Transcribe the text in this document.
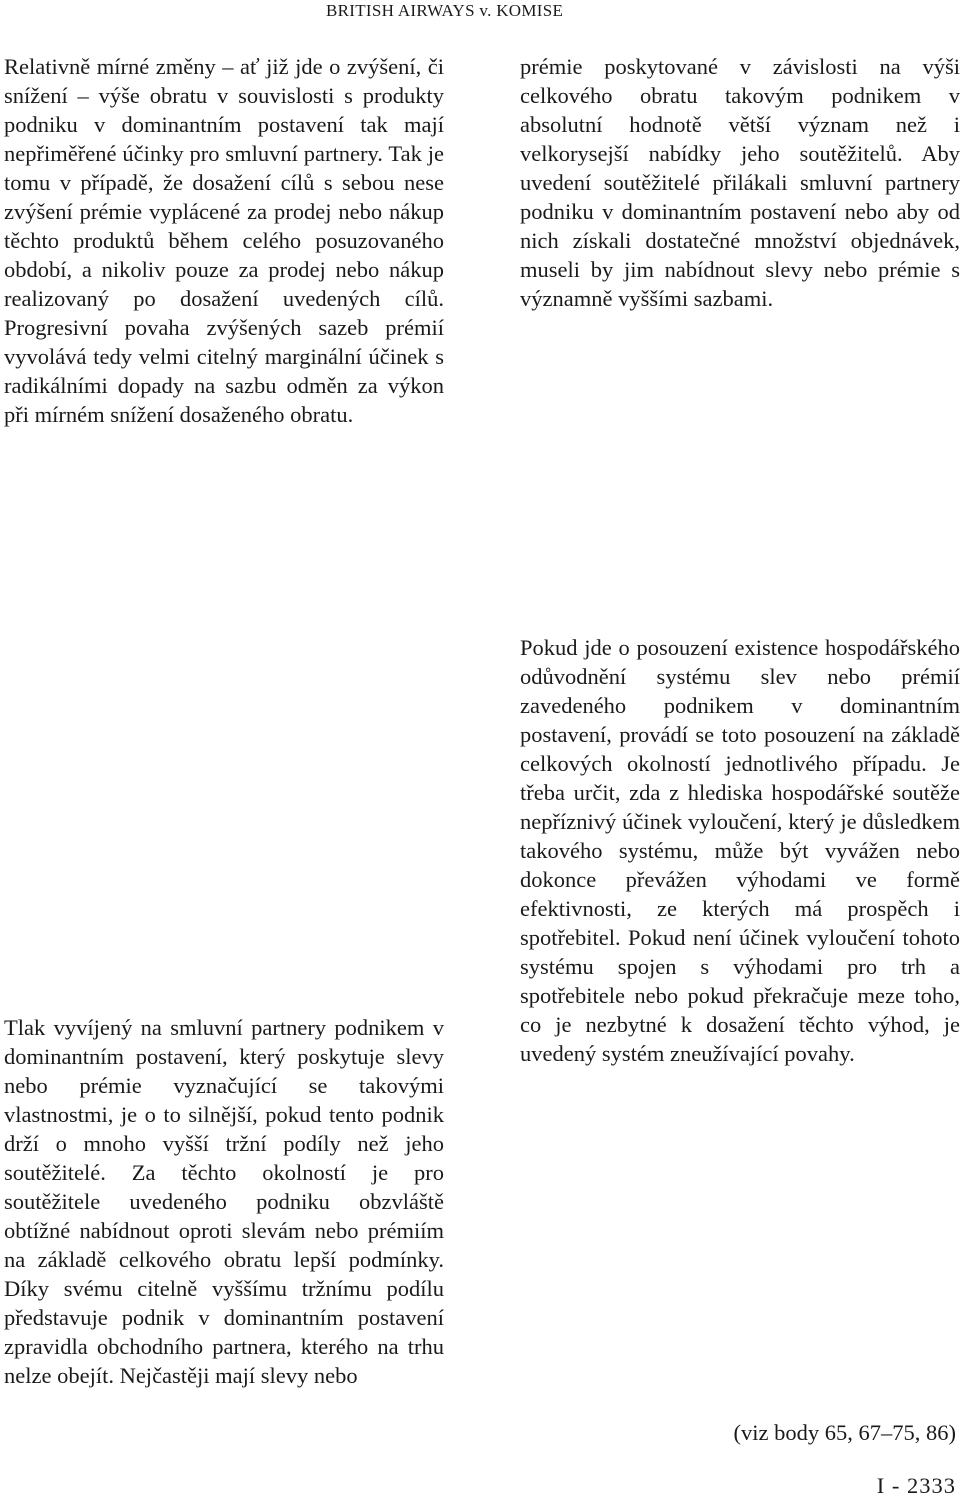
BRITISH AIRWAYS v. KOMISE

Relativně mírné změny – ať již jde o zvýšení, či snížení – výše obratu v souvislosti s produkty podniku v dominantním postavení tak mají nepřiměřené účinky pro smluvní partnery. Tak je tomu v případě, že dosažení cílů s sebou nese zvýšení prémie vyplácené za prodej nebo nákup těchto produktů během celého posuzovaného období, a nikoliv pouze za prodej nebo nákup realizovaný po dosažení uvedených cílů. Progresivní povaha zvýšených sazeb prémií vyvolává tedy velmi citelný marginální účinek s radikálními dopady na sazbu odměn za výkon při mírném snížení dosaženého obratu.

prémie poskytované v závislosti na výši celkového obratu takovým podnikem v absolutní hodnotě větší význam než i velkorysejší nabídky jeho soutěžitelů. Aby uvedení soutěžitelé přilákali smluvní partnery podniku v dominantním postavení nebo aby od nich získali dostatečné množství objednávek, museli by jim nabídnout slevy nebo prémie s významně vyššími sazbami.

Pokud jde o posouzení existence hospodářského odůvodnění systému slev nebo prémií zavedeného podnikem v dominantním postavení, provádí se toto posouzení na základě celkových okolností jednotlivého případu. Je třeba určit, zda z hlediska hospodářské soutěže nepříznivý účinek vyloučení, který je důsledkem takového systému, může být vyvážen nebo dokonce převážen výhodami ve formě efektivnosti, ze kterých má prospěch i spotřebitel. Pokud není účinek vyloučení tohoto systému spojen s výhodami pro trh a spotřebitele nebo pokud překračuje meze toho, co je nezbytné k dosažení těchto výhod, je uvedený systém zneužívající povahy.

Tlak vyvíjený na smluvní partnery podnikem v dominantním postavení, který poskytuje slevy nebo prémie vyznačující se takovými vlastnostmi, je o to silnější, pokud tento podnik drží o mnoho vyšší tržní podíly než jeho soutěžitelé. Za těchto okolností je pro soutěžitele uvedeného podniku obzvláště obtížné nabídnout oproti slevám nebo prémiím na základě celkového obratu lepší podmínky. Díky svému citelně vyššímu tržnímu podílu představuje podnik v dominantním postavení zpravidla obchodního partnera, kterého na trhu nelze obejít. Nejčastěji mají slevy nebo

(viz body 65, 67–75, 86)
I - 2333
